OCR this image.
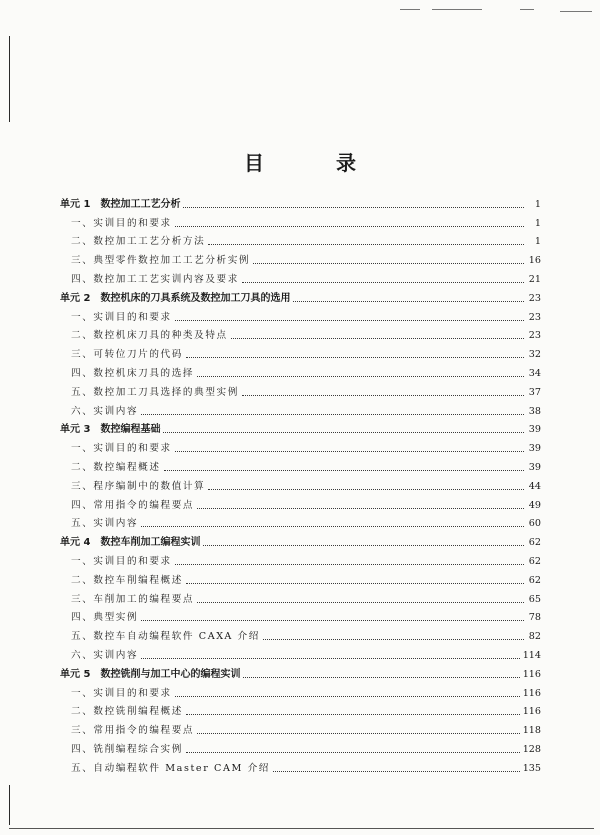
目　录
单元 1 数控加工工艺分析	1
一、实训目的和要求	1
二、数控加工工艺分析方法	1
三、典型零件数控加工工艺分析实例	16
四、数控加工工艺实训内容及要求	21
单元 2 数控机床的刀具系统及数控加工刀具的选用	23
一、实训目的和要求	23
二、数控机床刀具的种类及特点	23
三、可转位刀片的代码	32
四、数控机床刀具的选择	34
五、数控加工刀具选择的典型实例	37
六、实训内容	38
单元 3 数控编程基础	39
一、实训目的和要求	39
二、数控编程概述	39
三、程序编制中的数值计算	44
四、常用指令的编程要点	49
五、实训内容	60
单元 4 数控车削加工编程实训	62
一、实训目的和要求	62
二、数控车削编程概述	62
三、车削加工的编程要点	65
四、典型实例	78
五、数控车自动编程软件 CAXA 介绍	82
六、实训内容	114
单元 5 数控铣削与加工中心的编程实训	116
一、实训目的和要求	116
二、数控铣削编程概述	116
三、常用指令的编程要点	118
四、铣削编程综合实例	128
五、自动编程软件 Master CAM 介绍	135
